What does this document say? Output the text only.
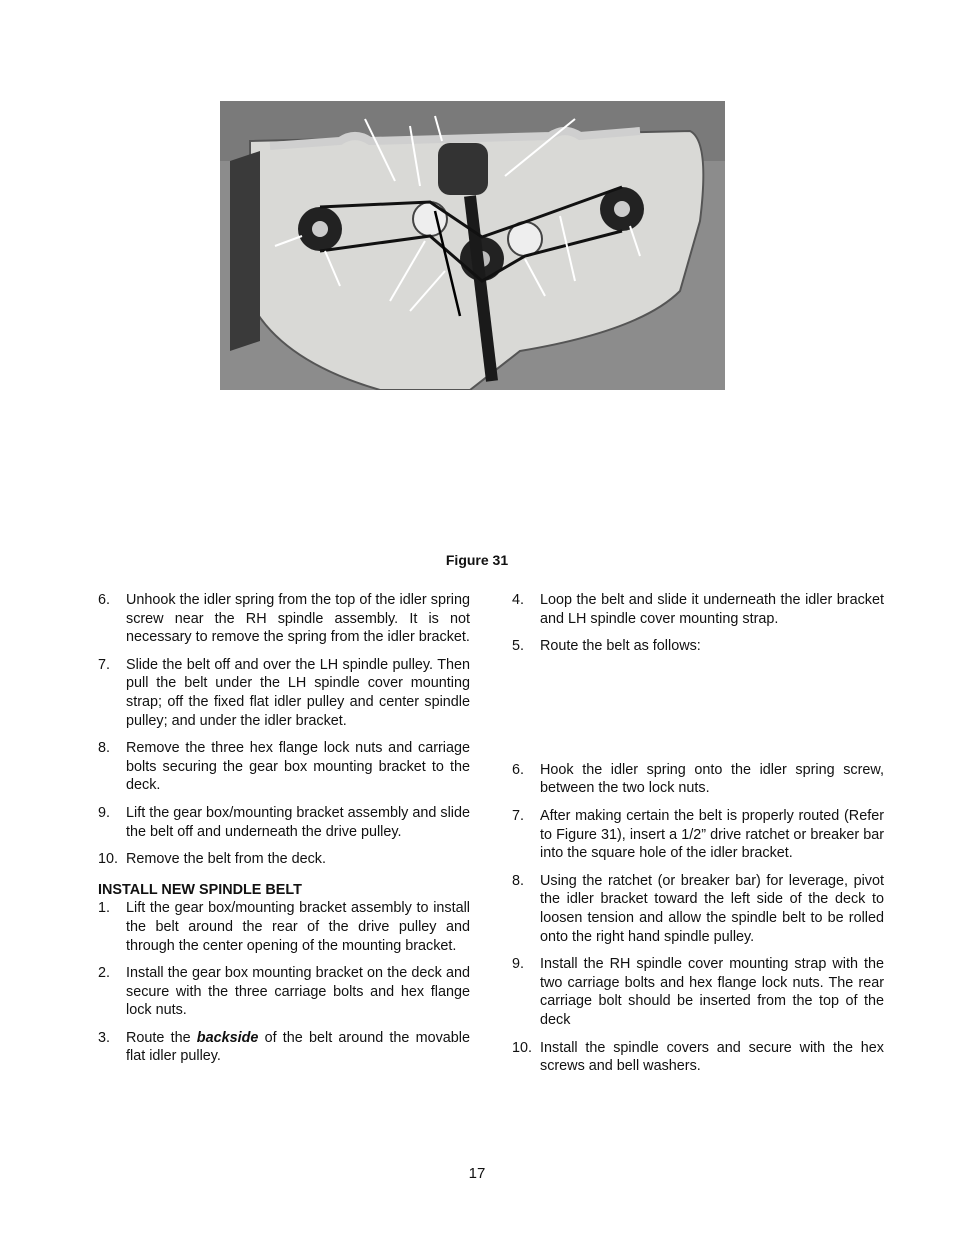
Figure 31
6.	Unhook the idler spring from the top of the idler spring screw near the RH spindle assembly. It is not necessary to remove the spring from the idler bracket.
7.	Slide the belt off and over the LH spindle pulley. Then pull the belt under the LH spindle cover mounting strap; off the fixed flat idler pulley and center spindle pulley; and under the idler bracket.
8.	Remove the three hex flange lock nuts and carriage bolts securing the gear box mounting bracket to the deck.
9.	Lift the gear box/mounting bracket assembly and slide the belt off and underneath the drive pulley.
10. Remove the belt from the deck.
INSTALL NEW SPINDLE BELT
1.	Lift the gear box/mounting bracket assembly to install the belt around the rear of the drive pulley and through the center opening of the mounting bracket.
2.	Install the gear box mounting bracket on the deck and secure with the three carriage bolts and hex flange lock nuts.
3.	Route the backside of the belt around the movable flat idler pulley.
4.	Loop the belt and slide it underneath the idler bracket and LH spindle cover mounting strap.
5.	Route the belt as follows:
6.	Hook the idler spring onto the idler spring screw, between the two lock nuts.
7.	After making certain the belt is properly routed (Refer to Figure 31), insert a 1/2” drive ratchet or breaker bar into the square hole of the idler bracket.
8.	Using the ratchet (or breaker bar) for leverage, pivot the idler bracket toward the left side of the deck to loosen tension and allow the spindle belt to be rolled onto the right hand spindle pulley.
9.	Install the RH spindle cover mounting strap with the two carriage bolts and hex flange lock nuts. The rear carriage bolt should be inserted from the top of the deck
10. Install the spindle covers and secure with the hex screws and bell washers.
17
